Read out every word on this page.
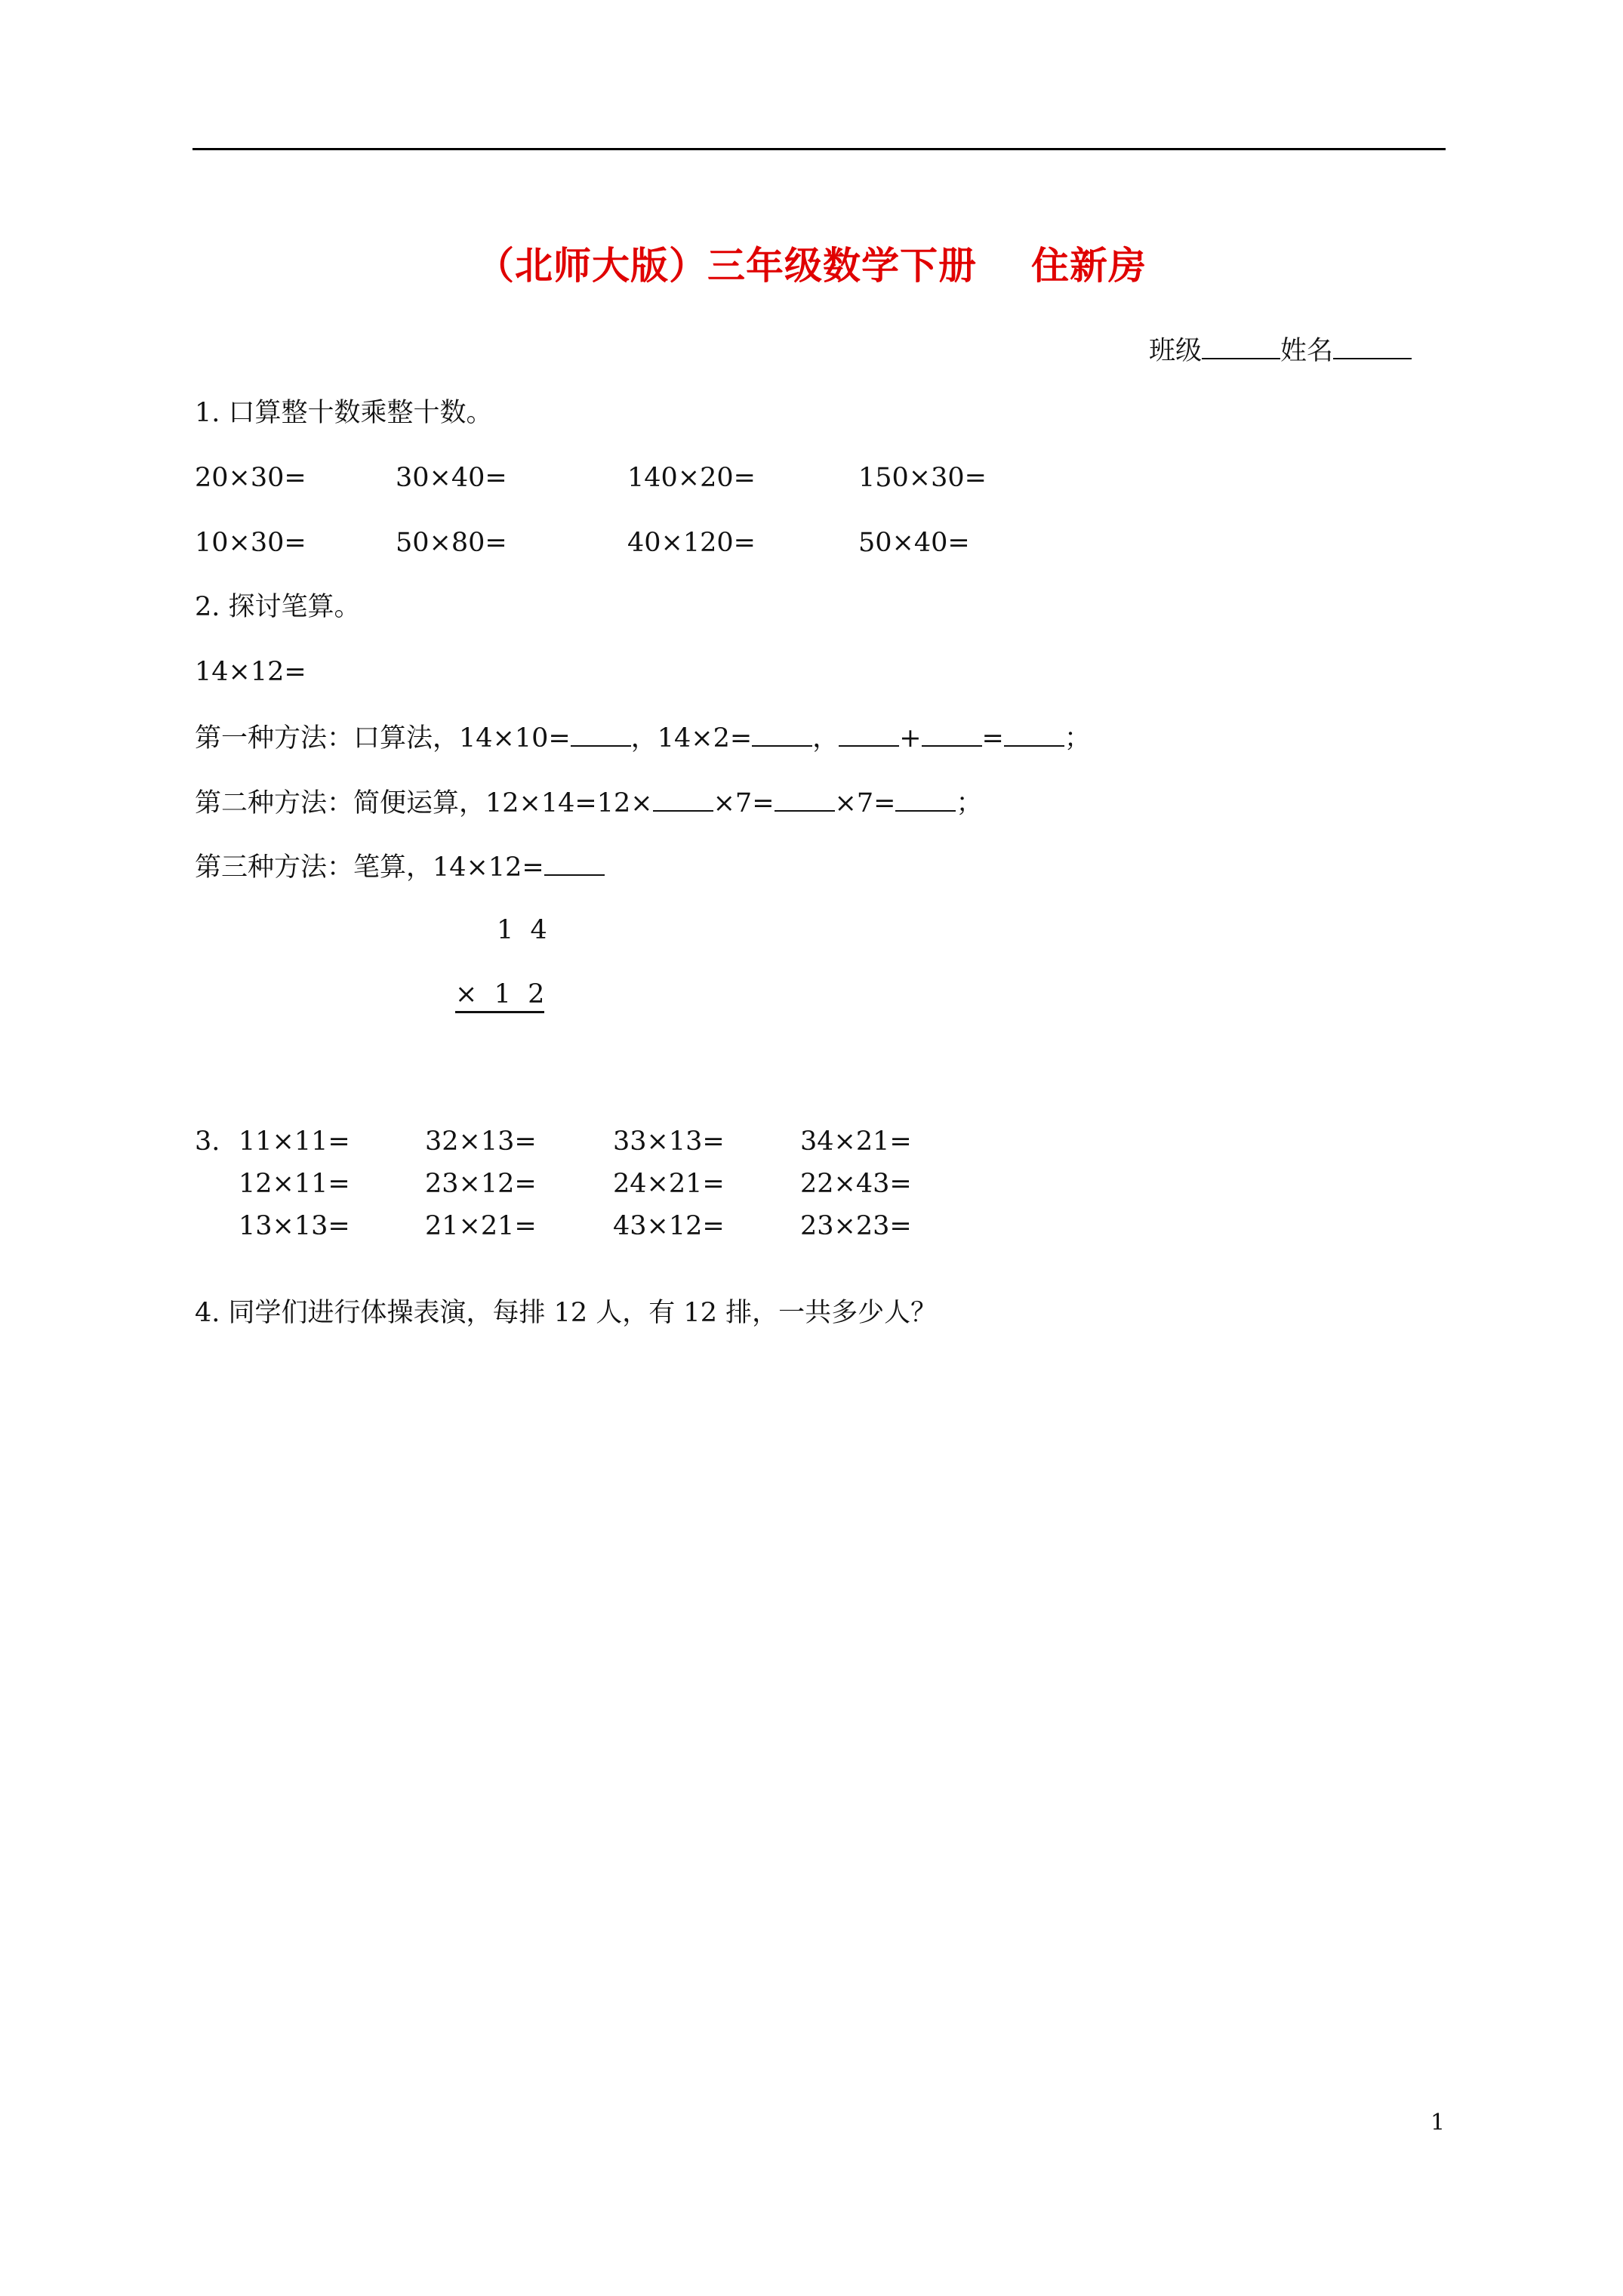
（北师大版）三年级数学下册 住新房
班级	姓名
1. 口算整十数乘整十数。
20×30=	30×40=	140×20=	150×30=
10×30=	50×80=	40×120=	50×40=
2. 探讨笔算。
14×12=
第一种方法：口算法，14×10= ，14×2= ， + = ；
第二种方法：简便运算，12×14=12× ×7= ×7= ；
第三种方法：笔算，14×12=
1  4
×  1  2
3. 11×11=	32×13=	33×13=	34×21=
12×11=	23×12=	24×21=	22×43=
13×13=	21×21=	43×12=	23×23=
4. 同学们进行体操表演，每排 12 人，有 12 排，一共多少人？
1
